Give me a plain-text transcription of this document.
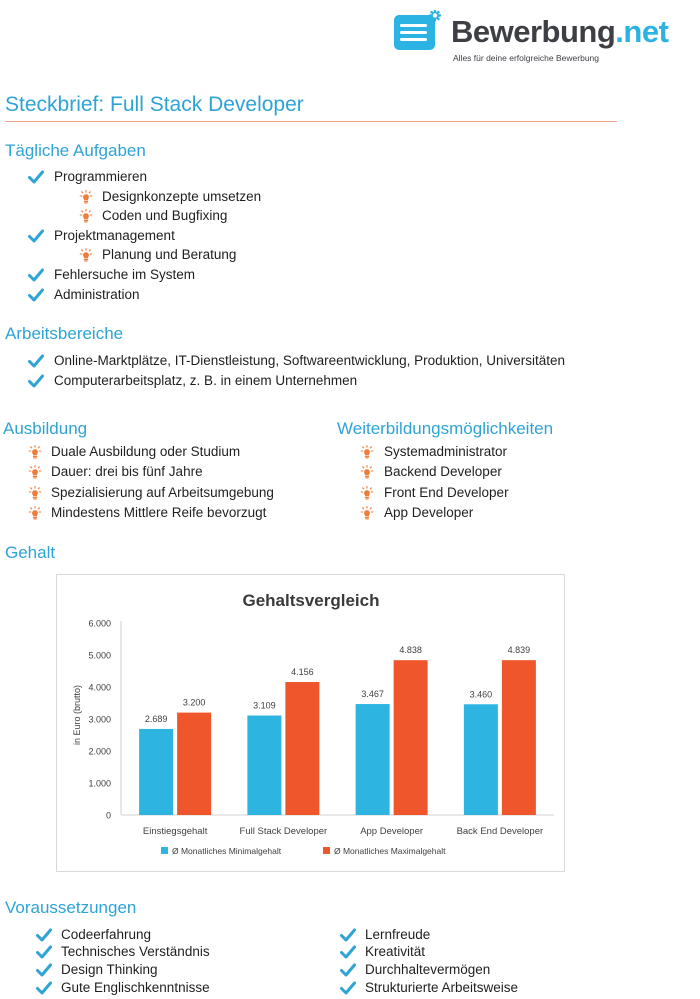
Bewerbung.net
Alles für deine erfolgreiche Bewerbung
Steckbrief: Full Stack Developer
Tägliche Aufgaben
Programmieren
Designkonzepte umsetzen
Coden und Bugfixing
Projektmanagement
Planung und Beratung
Fehlersuche im System
Administration
Arbeitsbereiche
Online-Marktplätze, IT-Dienstleistung, Softwareentwicklung, Produktion, Universitäten
Computerarbeitsplatz, z. B. in einem Unternehmen
Ausbildung
Duale Ausbildung oder Studium
Dauer: drei bis fünf Jahre
Spezialisierung auf Arbeitsumgebung
Mindestens Mittlere Reife bevorzugt
Weiterbildungsmöglichkeiten
Systemadministrator
Backend Developer
Front End Developer
App Developer
Gehalt
Gehaltsvergleich
in Euro (brutto)
0
1.000
2.000
3.000
4.000
5.000
6.000
2.689
3.200
Einstiegsgehalt
3.109
4.156
Full Stack Developer
3.467
4.838
App Developer
3.460
4.839
Back End Developer
Ø Monatliches Minimalgehalt	Ø Monatliches Maximalgehalt
Voraussetzungen
Codeerfahrung
Technisches Verständnis
Design Thinking
Gute Englischkenntnisse
Lernfreude
Kreativität
Durchhaltevermögen
Strukturierte Arbeitsweise
